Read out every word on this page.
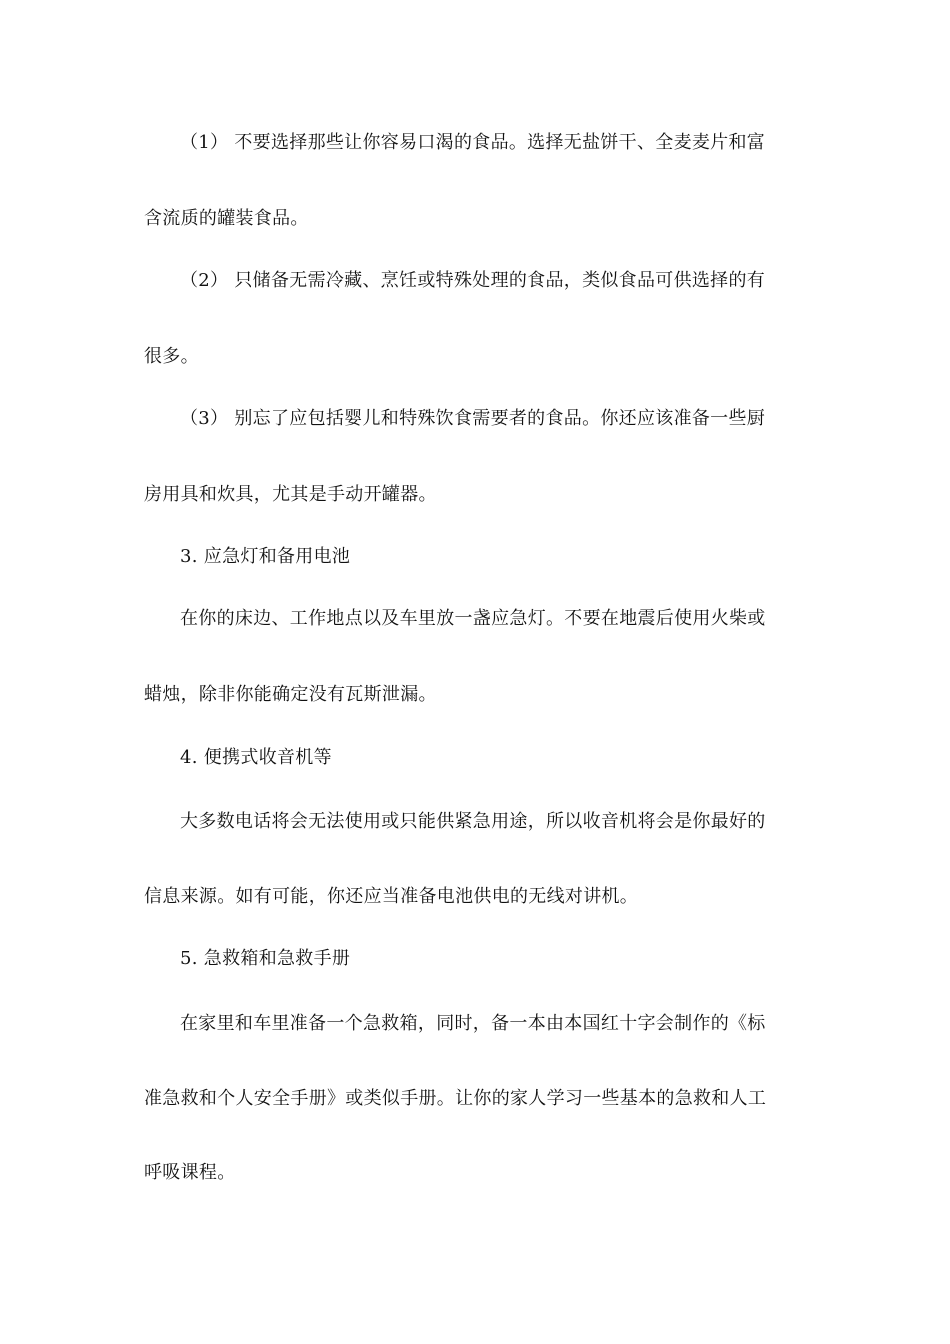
（1） 不要选择那些让你容易口渴的食品。选择无盐饼干、全麦麦片和富
含流质的罐装食品。
（2） 只储备无需冷藏、烹饪或特殊处理的食品，类似食品可供选择的有
很多。
（3） 别忘了应包括婴儿和特殊饮食需要者的食品。你还应该准备一些厨
房用具和炊具，尤其是手动开罐器。
3. 应急灯和备用电池
在你的床边、工作地点以及车里放一盏应急灯。不要在地震后使用火柴或
蜡烛，除非你能确定没有瓦斯泄漏。
4. 便携式收音机等
大多数电话将会无法使用或只能供紧急用途，所以收音机将会是你最好的
信息来源。如有可能，你还应当准备电池供电的无线对讲机。
5. 急救箱和急救手册
在家里和车里准备一个急救箱，同时，备一本由本国红十字会制作的《标
准急救和个人安全手册》或类似手册。让你的家人学习一些基本的急救和人工
呼吸课程。
